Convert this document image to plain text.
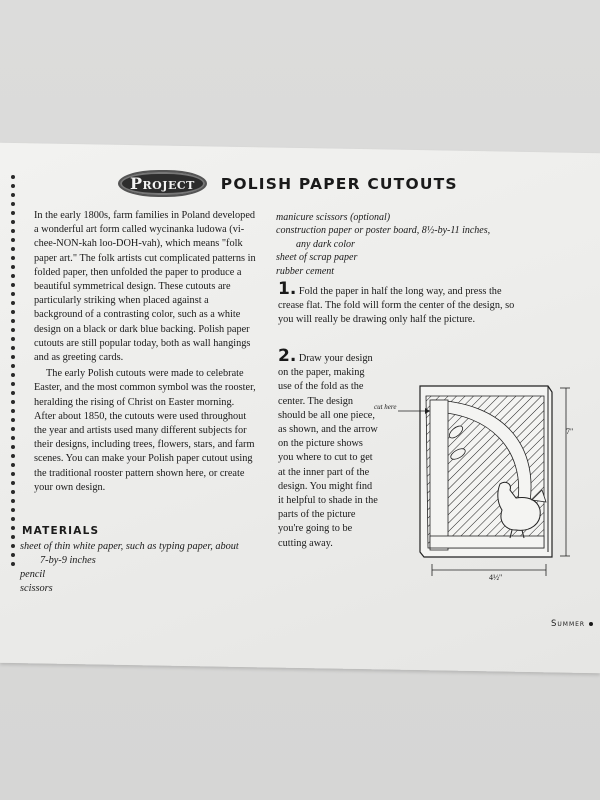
Project	POLISH PAPER CUTOUTS

In the early 1800s, farm families in Poland developed a wonderful art form called wycinanka ludowa (vi-chee-NON-kah loo-DOH-vah), which means "folk paper art." The folk artists cut complicated patterns in folded paper, then unfolded the paper to produce a beautiful symmetrical design. These cutouts are particularly striking when placed against a background of a contrasting color, such as a white design on a black or dark blue backing. Polish paper cutouts are still popular today, both as wall hangings and as greeting cards.

The early Polish cutouts were made to celebrate Easter, and the most common symbol was the rooster, heralding the rising of Christ on Easter morning. After about 1850, the cutouts were used throughout the year and artists used many different subjects for their designs, including trees, flowers, stars, and farm scenes. You can make your Polish paper cutout using the traditional rooster pattern shown here, or create your own design.

MATERIALS
sheet of thin white paper, such as typing paper, about
7-by-9 inches
pencil
scissors
manicure scissors (optional)
construction paper or poster board, 8½-by-11 inches,
any dark color
sheet of scrap paper
rubber cement
1. Fold the paper in half the long way, and press the crease flat. The fold will form the center of the design, so you will really be drawing only half the picture.
2. Draw your design on the paper, making use of the fold as the center. The design should be all one piece, as shown, and the arrow on the picture shows you where to cut to get at the inner part of the design. You might find it helpful to shade in the parts of the picture you're going to be cutting away.
cut here
7"
4½"
Summer
